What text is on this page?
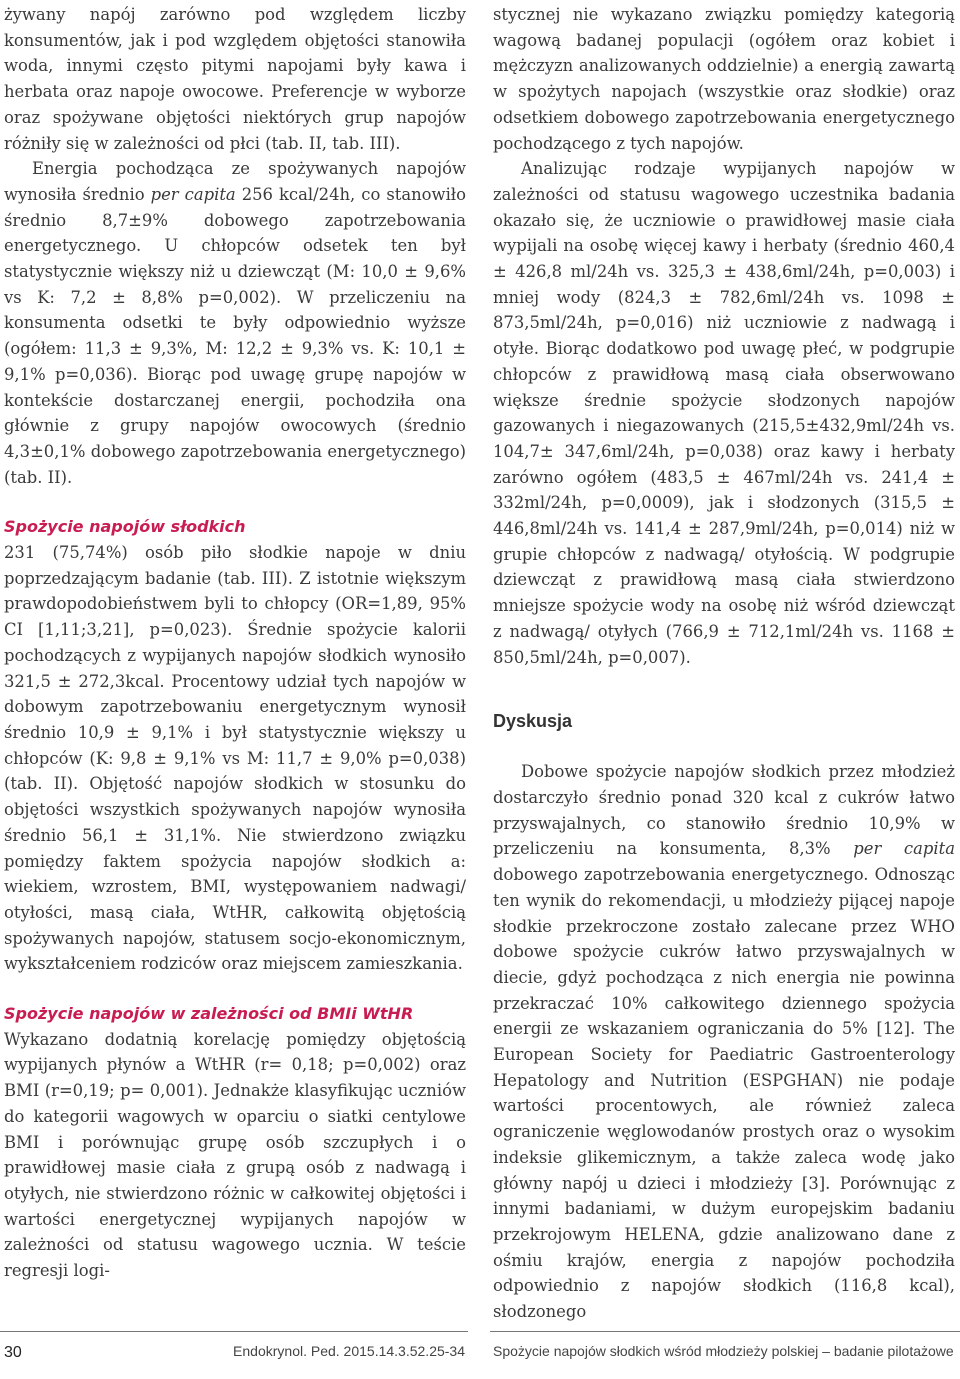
żywany napój zarówno pod względem liczby konsumentów, jak i pod względem objętości stanowiła woda, innymi często pitymi napojami były kawa i herbata oraz napoje owocowe. Preferencje w wyborze oraz spożywane objętości niektórych grup napojów różniły się w zależności od płci (tab. II, tab. III).

Energia pochodząca ze spożywanych napojów wynosiła średnio per capita 256 kcal/24h, co stanowiło średnio 8,7±9% dobowego zapotrzebowania energetycznego. U chłopców odsetek ten był statystycznie większy niż u dziewcząt (M: 10,0 ± 9,6% vs K: 7,2 ± 8,8% p=0,002). W przeliczeniu na konsumenta odsetki te były odpowiednio wyższe (ogółem: 11,3 ± 9,3%, M: 12,2 ± 9,3% vs. K: 10,1 ± 9,1% p=0,036). Biorąc pod uwagę grupę napojów w kontekście dostarczanej energii, pochodziła ona głównie z grupy napojów owocowych (średnio 4,3±0,1% dobowego zapotrzebowania energetycznego) (tab. II).

Spożycie napojów słodkich

231 (75,74%) osób piło słodkie napoje w dniu poprzedzającym badanie (tab. III). Z istotnie większym prawdopodobieństwem byli to chłopcy (OR=1,89, 95% CI [1,11;3,21], p=0,023). Średnie spożycie kalorii pochodzących z wypijanych napojów słodkich wynosiło 321,5 ± 272,3kcal. Procentowy udział tych napojów w dobowym zapotrzebowaniu energetycznym wynosił średnio 10,9 ± 9,1% i był statystycznie większy u chłopców (K: 9,8 ± 9,1% vs M: 11,7 ± 9,0% p=0,038) (tab. II). Objętość napojów słodkich w stosunku do objętości wszystkich spożywanych napojów wynosiła średnio 56,1 ± 31,1%. Nie stwierdzono związku pomiędzy faktem spożycia napojów słodkich a: wiekiem, wzrostem, BMI, występowaniem nadwagi/ otyłości, masą ciała, WtHR, całkowitą objętością spożywanych napojów, statusem socjo-ekonomicznym, wykształceniem rodziców oraz miejscem zamieszkania.

Spożycie napojów w zależności od BMIi WtHR

Wykazano dodatnią korelację pomiędzy objętością wypijanych płynów a WtHR (r= 0,18; p=0,002) oraz BMI (r=0,19; p= 0,001). Jednakże klasyfikując uczniów do kategorii wagowych w oparciu o siatki centylowe BMI i porównując grupę osób szczupłych i o prawidłowej masie ciała z grupą osób z nadwagą i otyłych, nie stwierdzono różnic w całkowitej objętości i wartości energetycznej wypijanych napojów w zależności od statusu wagowego ucznia. W teście regresji logi-

stycznej nie wykazano związku pomiędzy kategorią wagową badanej populacji (ogółem oraz kobiet i mężczyzn analizowanych oddzielnie) a energią zawartą w spożytych napojach (wszystkie oraz słodkie) oraz odsetkiem dobowego zapotrzebowania energetycznego pochodzącego z tych napojów.

Analizując rodzaje wypijanych napojów w zależności od statusu wagowego uczestnika badania okazało się, że uczniowie o prawidłowej masie ciała wypijali na osobę więcej kawy i herbaty (średnio 460,4 ± 426,8 ml/24h vs. 325,3 ± 438,6ml/24h, p=0,003) i mniej wody (824,3 ± 782,6ml/24h vs. 1098 ± 873,5ml/24h, p=0,016) niż uczniowie z nadwagą i otyłe. Biorąc dodatkowo pod uwagę płeć, w podgrupie chłopców z prawidłową masą ciała obserwowano większe średnie spożycie słodzonych napojów gazowanych i niegazowanych (215,5±432,9ml/24h vs. 104,7± 347,6ml/24h, p=0,038) oraz kawy i herbaty zarówno ogółem (483,5 ± 467ml/24h vs. 241,4 ± 332ml/24h, p=0,0009), jak i słodzonych (315,5 ± 446,8ml/24h vs. 141,4 ± 287,9ml/24h, p=0,014) niż w grupie chłopców z nadwagą/ otyłością. W podgrupie dziewcząt z prawidłową masą ciała stwierdzono mniejsze spożycie wody na osobę niż wśród dziewcząt z nadwagą/ otyłych (766,9 ± 712,1ml/24h vs. 1168 ± 850,5ml/24h, p=0,007).

Dyskusja

Dobowe spożycie napojów słodkich przez młodzież dostarczyło średnio ponad 320 kcal z cukrów łatwo przyswajalnych, co stanowiło średnio 10,9% w przeliczeniu na konsumenta, 8,3% per capita dobowego zapotrzebowania energetycznego. Odnosząc ten wynik do rekomendacji, u młodzieży pijącej napoje słodkie przekroczone zostało zalecane przez WHO dobowe spożycie cukrów łatwo przyswajalnych w diecie, gdyż pochodząca z nich energia nie powinna przekraczać 10% całkowitego dziennego spożycia energii ze wskazaniem ograniczania do 5% [12]. The European Society for Paediatric Gastroenterology Hepatology and Nutrition (ESPGHAN) nie podaje wartości procentowych, ale również zaleca ograniczenie węglowodanów prostych oraz o wysokim indeksie glikemicznym, a także zaleca wodę jako główny napój u dzieci i młodzieży [3]. Porównując z innymi badaniami, w dużym europejskim badaniu przekrojowym HELENA, gdzie analizowano dane z ośmiu krajów, energia z napojów pochodziła odpowiednio z napojów słodkich (116,8 kcal), słodzonego

30	Endokrynol. Ped. 2015.14.3.52.25-34 Spożycie napojów słodkich wśród młodzieży polskiej – badanie pilotażowe
